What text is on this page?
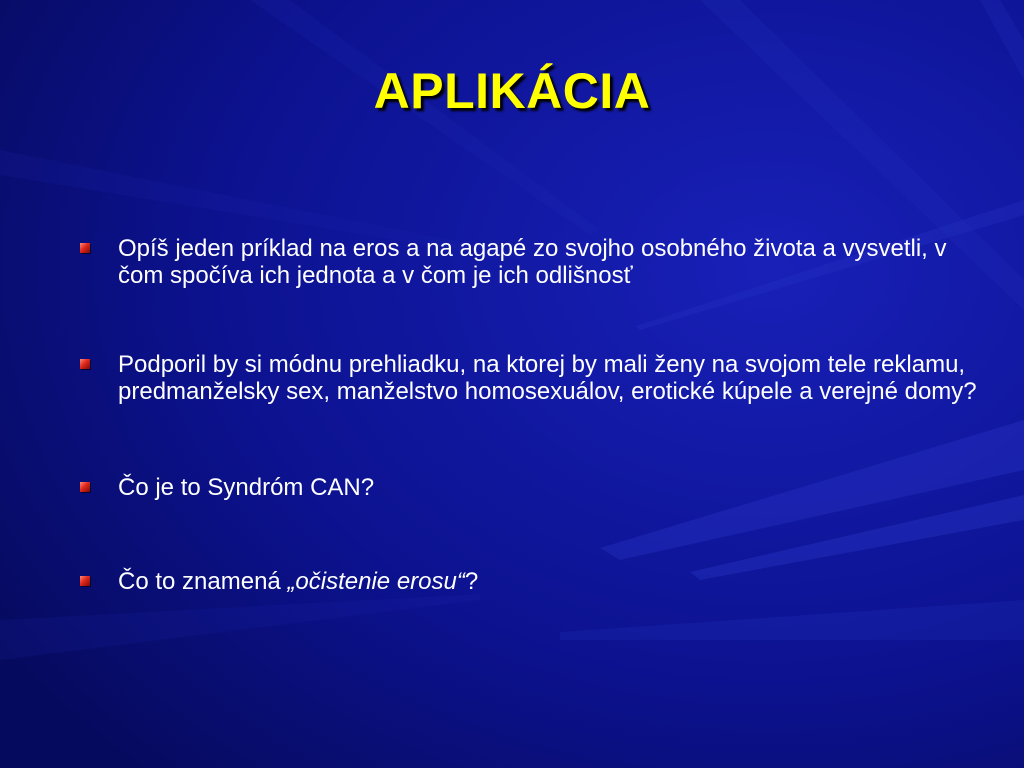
APLIKÁCIA
Opíš jeden príklad na eros a na agapé zo svojho osobného života a vysvetli, v čom spočíva ich jednota a v čom je ich odlišnosť
Podporil by si módnu prehliadku, na ktorej by mali ženy na svojom tele reklamu, predmanželsky sex, manželstvo homosexuálov, erotické kúpele a verejné domy?
Čo je to Syndróm CAN?
Čo to znamená „očistenie erosu“?
